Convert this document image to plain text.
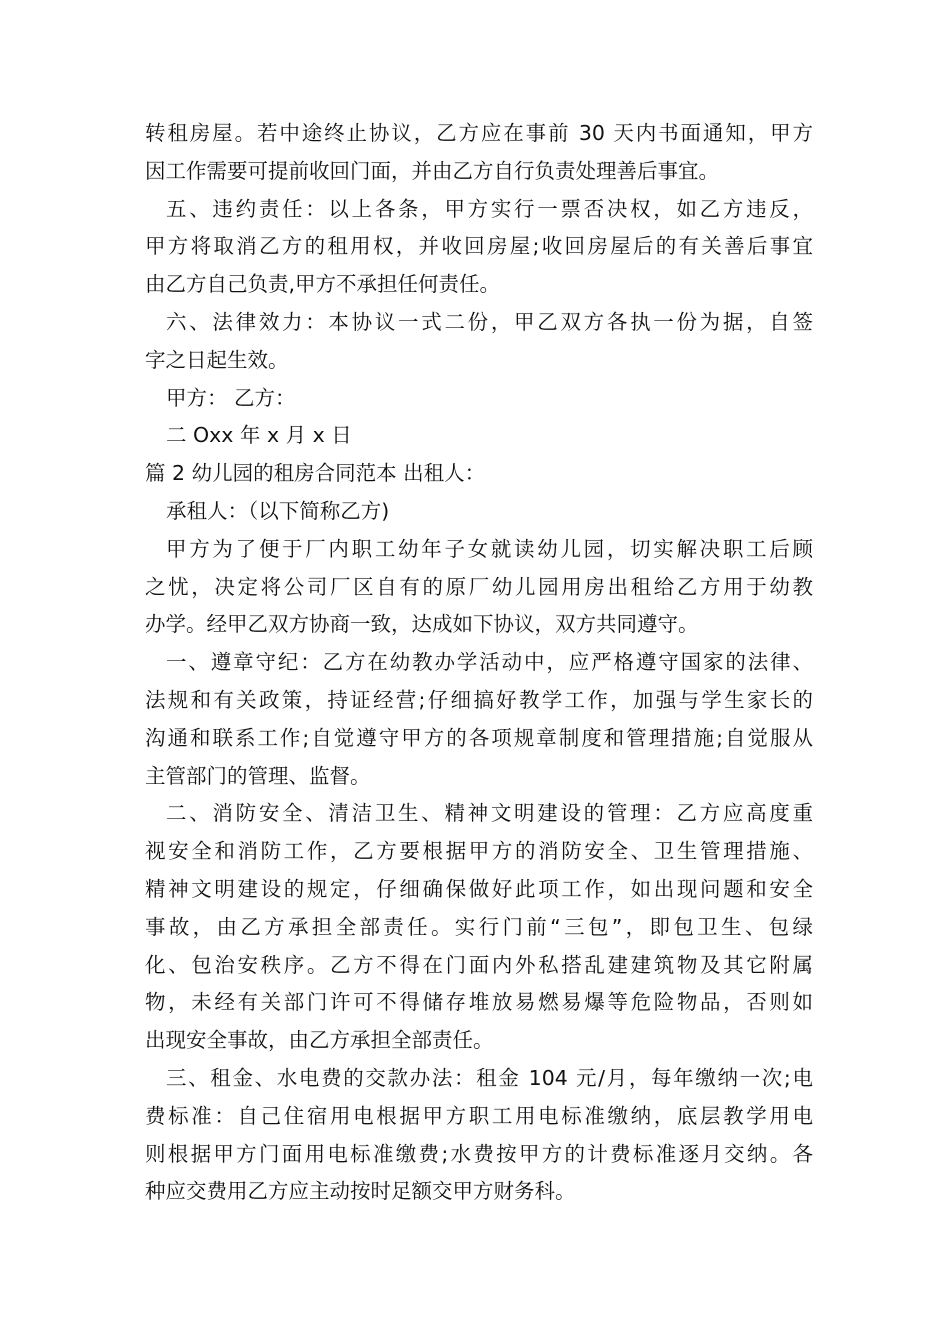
转租房屋。若中途终止协议，乙方应在事前 30 天内书面通知，甲方
因工作需要可提前收回门面，并由乙方自行负责处理善后事宜。
五、违约责任：以上各条，甲方实行一票否决权，如乙方违反，
甲方将取消乙方的租用权，并收回房屋;收回房屋后的有关善后事宜
由乙方自己负责,甲方不承担任何责任。
六、法律效力：本协议一式二份，甲乙双方各执一份为据，自签
字之日起生效。
甲方： 乙方：
二 Oxx 年 x 月 x 日
篇 2 幼儿园的租房合同范本 出租人：
承租人：（以下简称乙方)
甲方为了便于厂内职工幼年子女就读幼儿园，切实解决职工后顾
之忧，决定将公司厂区自有的原厂幼儿园用房出租给乙方用于幼教
办学。经甲乙双方协商一致，达成如下协议，双方共同遵守。
一、遵章守纪：乙方在幼教办学活动中，应严格遵守国家的法律、
法规和有关政策，持证经营;仔细搞好教学工作，加强与学生家长的
沟通和联系工作;自觉遵守甲方的各项规章制度和管理措施;自觉服从
主管部门的管理、监督。
二、消防安全、清洁卫生、精神文明建设的管理：乙方应高度重
视安全和消防工作，乙方要根据甲方的消防安全、卫生管理措施、
精神文明建设的规定，仔细确保做好此项工作，如出现问题和安全
事故，由乙方承担全部责任。实行门前“三包”，即包卫生、包绿
化、包治安秩序。乙方不得在门面内外私搭乱建建筑物及其它附属
物，未经有关部门许可不得储存堆放易燃易爆等危险物品，否则如
出现安全事故，由乙方承担全部责任。
三、租金、水电费的交款办法：租金 104 元/月，每年缴纳一次;电
费标准：自己住宿用电根据甲方职工用电标准缴纳，底层教学用电
则根据甲方门面用电标准缴费;水费按甲方的计费标准逐月交纳。各
种应交费用乙方应主动按时足额交甲方财务科。
